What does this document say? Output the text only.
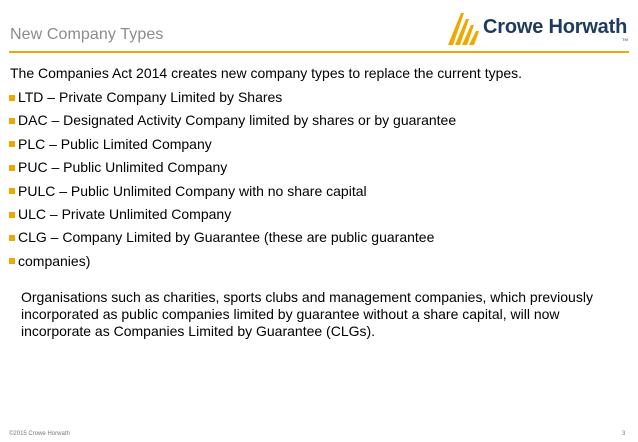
New Company Types	Crowe Horwath
TM
The Companies Act 2014 creates new company types to replace the current types.
LTD – Private Company Limited by Shares
DAC – Designated Activity Company limited by shares or by guarantee
PLC – Public Limited Company
PUC – Public Unlimited Company
PULC – Public Unlimited Company with no share capital
ULC – Private Unlimited Company
CLG – Company Limited by Guarantee (these are public guarantee
companies)

Organisations such as charities, sports clubs and management companies, which previously incorporated as public companies limited by guarantee without a share capital, will now incorporate as Companies Limited by Guarantee (CLGs).

©2015 Crowe Horwath	3
